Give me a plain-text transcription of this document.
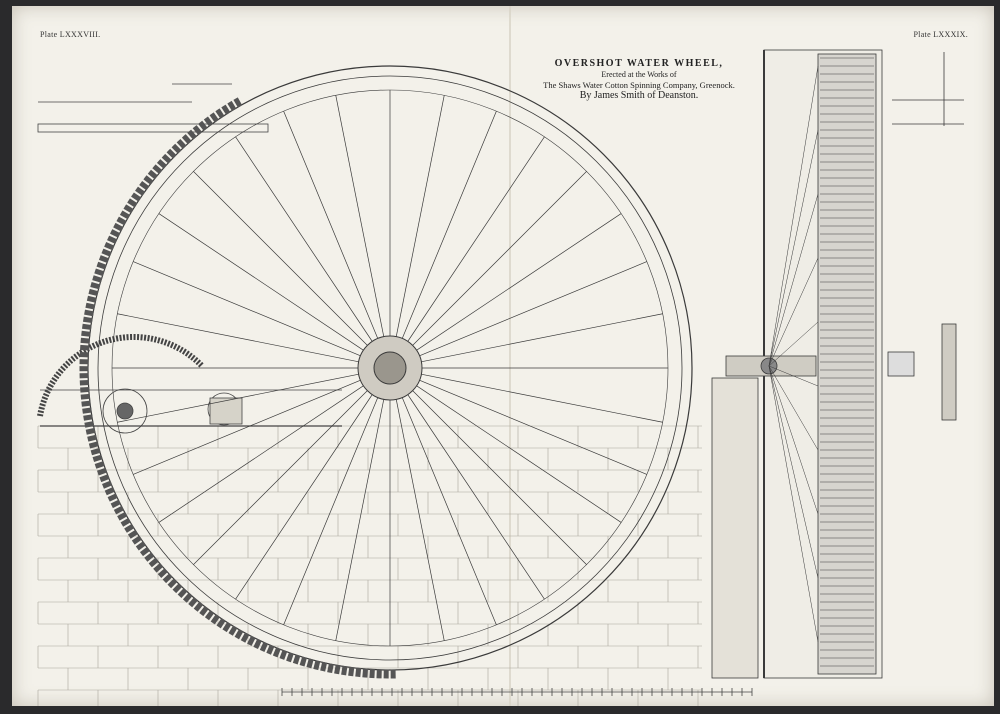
Plate LXXXVIII.	Plate LXXXIX.
OVERSHOT WATER WHEEL,
Erected at the Works of
The Shaws Water Cotton Spinning Company, Greenock.
By James Smith of Deanston.
